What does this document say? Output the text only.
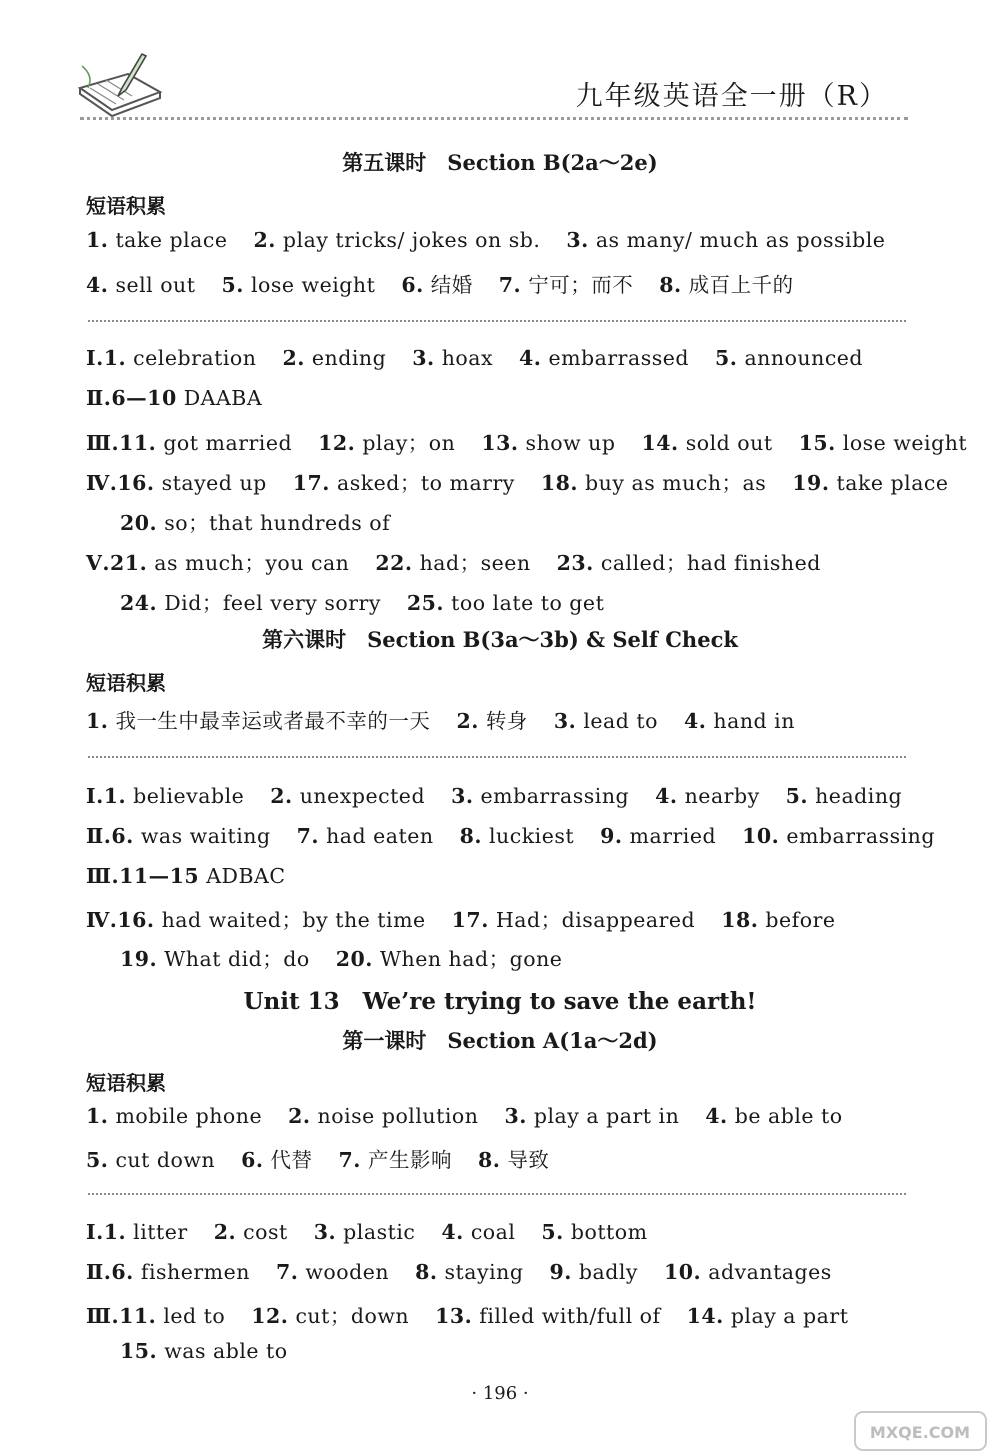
九年级英语全一册（R）
第五课时　Section B(2a～2e)
短语积累
1. take place 2. play tricks/ jokes on sb. 3. as many/ much as possible
4. sell out 5. lose weight 6. 结婚 7. 宁可；而不 8. 成百上千的
Ⅰ.1. celebration 2. ending 3. hoax 4. embarrassed 5. announced
Ⅱ.6—10 DAABA
Ⅲ.11. got married 12. play；on 13. show up 14. sold out 15. lose weight
Ⅳ.16. stayed up 17. asked；to marry 18. buy as much；as 19. take place
20. so；that hundreds of
Ⅴ.21. as much；you can 22. had；seen 23. called；had finished
24. Did；feel very sorry 25. too late to get
第六课时　Section B(3a～3b) & Self Check
短语积累
1. 我一生中最幸运或者最不幸的一天 2. 转身 3. lead to 4. hand in
Ⅰ.1. believable 2. unexpected 3. embarrassing 4. nearby 5. heading
Ⅱ.6. was waiting 7. had eaten 8. luckiest 9. married 10. embarrassing
Ⅲ.11—15 ADBAC
Ⅳ.16. had waited；by the time 17. Had；disappeared 18. before
19. What did；do 20. When had；gone
Unit 13　We’re trying to save the earth!
第一课时　Section A(1a～2d)
短语积累
1. mobile phone 2. noise pollution 3. play a part in 4. be able to
5. cut down 6. 代替 7. 产生影响 8. 导致
Ⅰ.1. litter 2. cost 3. plastic 4. coal 5. bottom
Ⅱ.6. fishermen 7. wooden 8. staying 9. badly 10. advantages
Ⅲ.11. led to 12. cut；down 13. filled with/full of 14. play a part
15. was able to
· 196 ·
MXQE.COM
